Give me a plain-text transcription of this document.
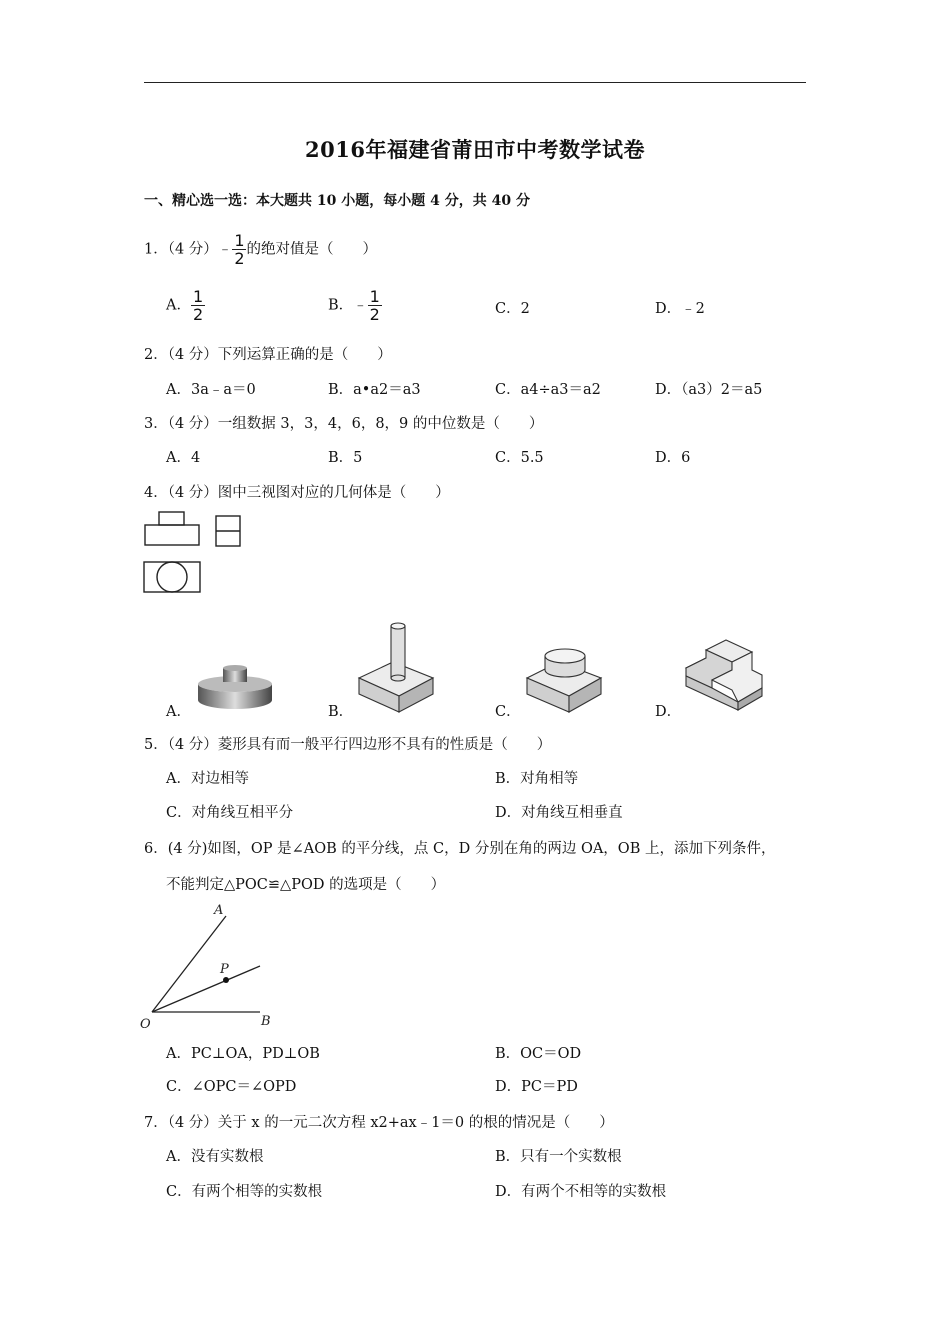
2016年福建省莆田市中考数学试卷
一、精心选一选：本大题共 10 小题，每小题 4 分，共 40 分
1．（4 分）﹣ $\frac{1}{2}$ 的绝对值是（　　）
A． $\frac{1}{2}$	B．﹣ $\frac{1}{2}$	C．2	D．﹣2
2．（4 分）下列运算正确的是（　　）
A．3a﹣a＝0	B．a•a2＝a3	C．a4÷a3＝a2	D．（a3）2＝a5
3．（4 分）一组数据 3，3，4，6，8，9 的中位数是（　　）
A．4	B．5	C．5.5	D．6
4．（4 分）图中三视图对应的几何体是（　　）
A．	B．	C．	D．
5．（4 分）菱形具有而一般平行四边形不具有的性质是（　　）
A．对边相等	B．对角相等
C．对角线互相平分	D．对角线互相垂直
6．(4 分)如图，OP 是∠AOB 的平分线，点 C，D 分别在角的两边 OA，OB 上，添加下列条件，
不能判定△POC≌△POD 的选项是（　　）
A
P
O	B
A．PC⊥OA，PD⊥OB	B．OC＝OD
C．∠OPC＝∠OPD	D．PC＝PD
7．（4 分）关于 x 的一元二次方程 x2+ax﹣1＝0 的根的情况是（　　）
A．没有实数根	B．只有一个实数根
C．有两个相等的实数根	D．有两个不相等的实数根
